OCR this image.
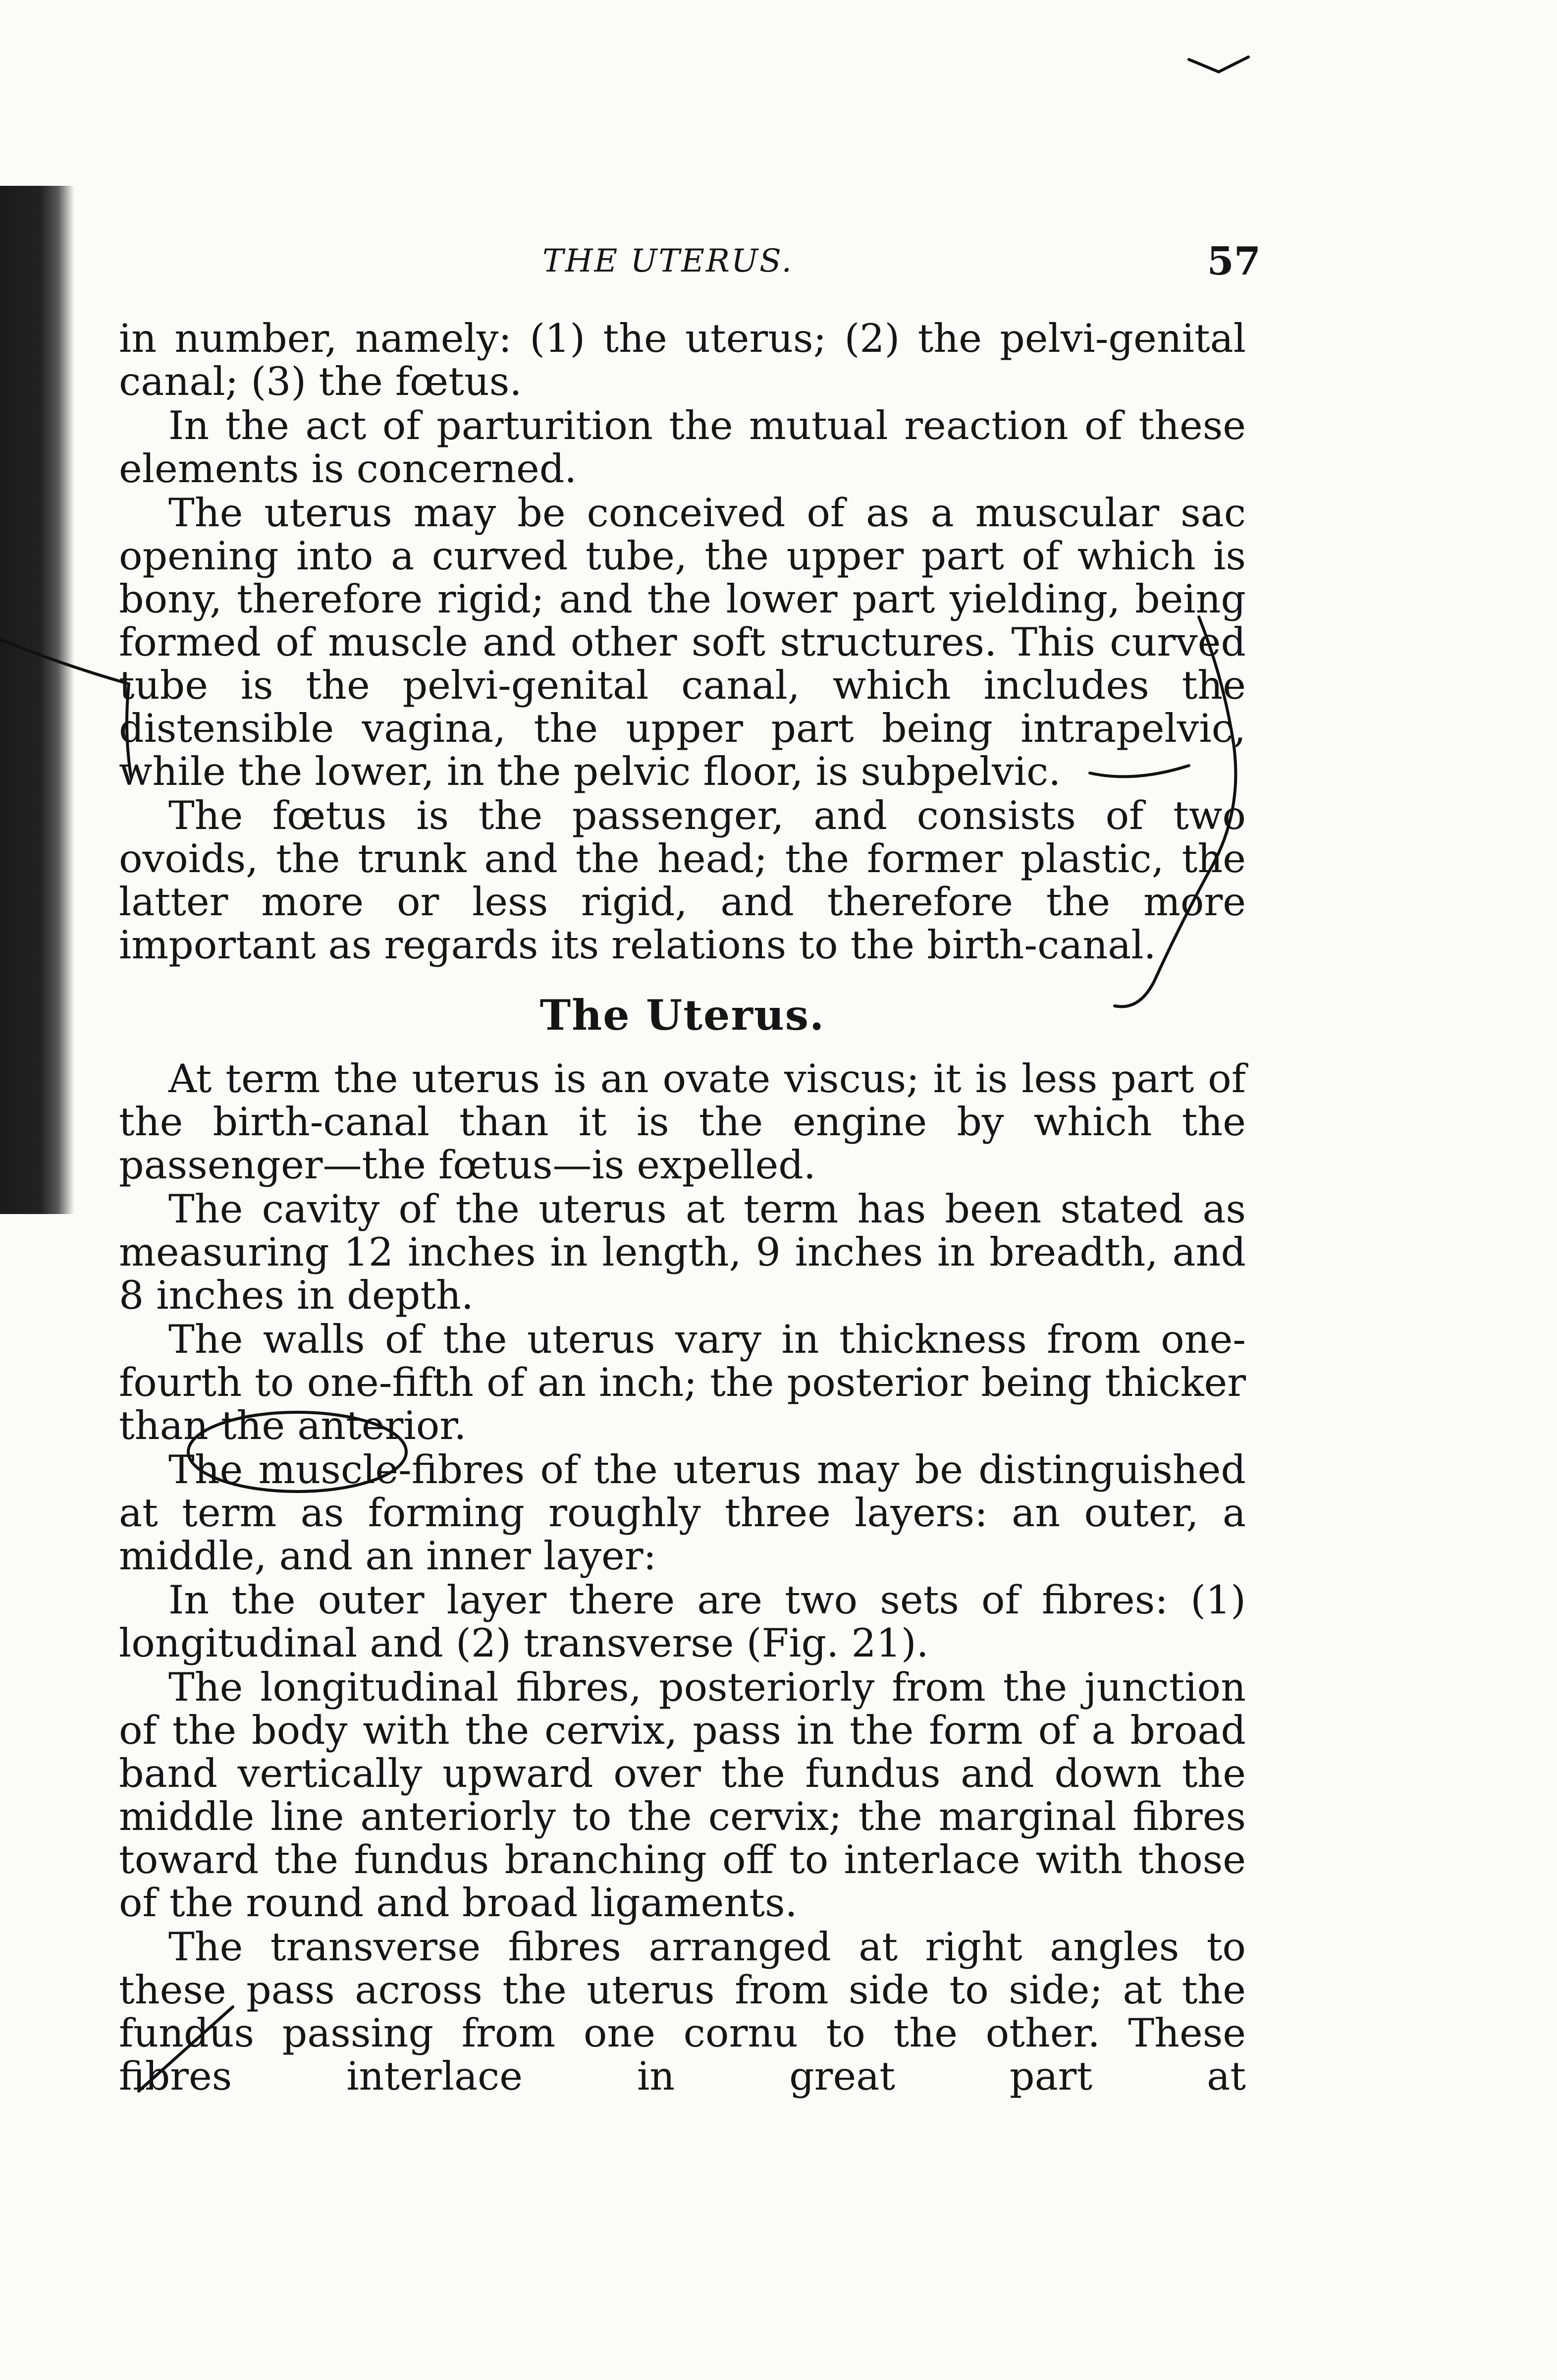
THE UTERUS.	57

in number, namely: (1) the uterus; (2) the pelvi-genital canal; (3) the fœtus.

In the act of parturition the mutual reaction of these elements is concerned.

The uterus may be conceived of as a muscular sac opening into a curved tube, the upper part of which is bony, therefore rigid; and the lower part yielding, being formed of muscle and other soft structures. This curved tube is the pelvi-genital canal, which includes the distensible vagina, the upper part being intrapelvic, while the lower, in the pelvic floor, is subpelvic.

The fœtus is the passenger, and consists of two ovoids, the trunk and the head; the former plastic, the latter more or less rigid, and therefore the more important as regards its relations to the birth-canal.

The Uterus.

At term the uterus is an ovate viscus; it is less part of the birth-canal than it is the engine by which the passenger—the fœtus—is expelled.

The cavity of the uterus at term has been stated as measuring 12 inches in length, 9 inches in breadth, and 8 inches in depth.

The walls of the uterus vary in thickness from one-fourth to one-fifth of an inch; the posterior being thicker than the anterior.

The muscle-fibres of the uterus may be distinguished at term as forming roughly three layers: an outer, a middle, and an inner layer:

In the outer layer there are two sets of fibres: (1) longitudinal and (2) transverse (Fig. 21).

The longitudinal fibres, posteriorly from the junction of the body with the cervix, pass in the form of a broad band vertically upward over the fundus and down the middle line anteriorly to the cervix; the marginal fibres toward the fundus branching off to interlace with those of the round and broad ligaments.

The transverse fibres arranged at right angles to these pass across the uterus from side to side; at the fundus passing from one cornu to the other. These fibres interlace in great part at
